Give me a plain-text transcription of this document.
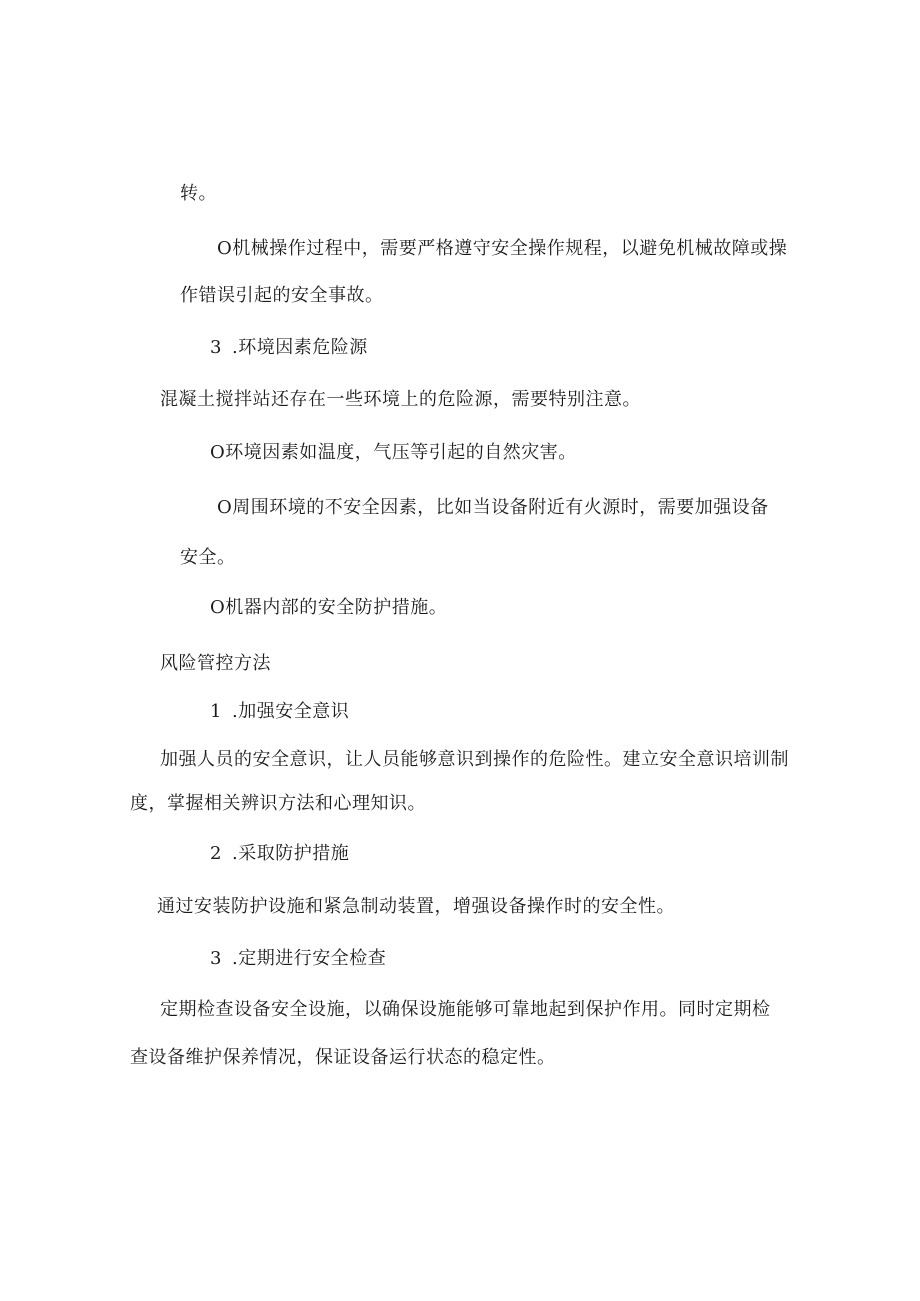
转。
O机械操作过程中，需要严格遵守安全操作规程，以避免机械故障或操
作错误引起的安全事故。
3 .环境因素危险源
混凝土搅拌站还存在一些环境上的危险源，需要特别注意。
O环境因素如温度，气压等引起的自然灾害。
O周围环境的不安全因素，比如当设备附近有火源时，需要加强设备
安全。
O机器内部的安全防护措施。
风险管控方法
1 .加强安全意识
加强人员的安全意识，让人员能够意识到操作的危险性。建立安全意识培训制
度，掌握相关辨识方法和心理知识。
2 .采取防护措施
通过安装防护设施和紧急制动装置，增强设备操作时的安全性。
3 .定期进行安全检查
定期检查设备安全设施，以确保设施能够可靠地起到保护作用。同时定期检
查设备维护保养情况，保证设备运行状态的稳定性。
